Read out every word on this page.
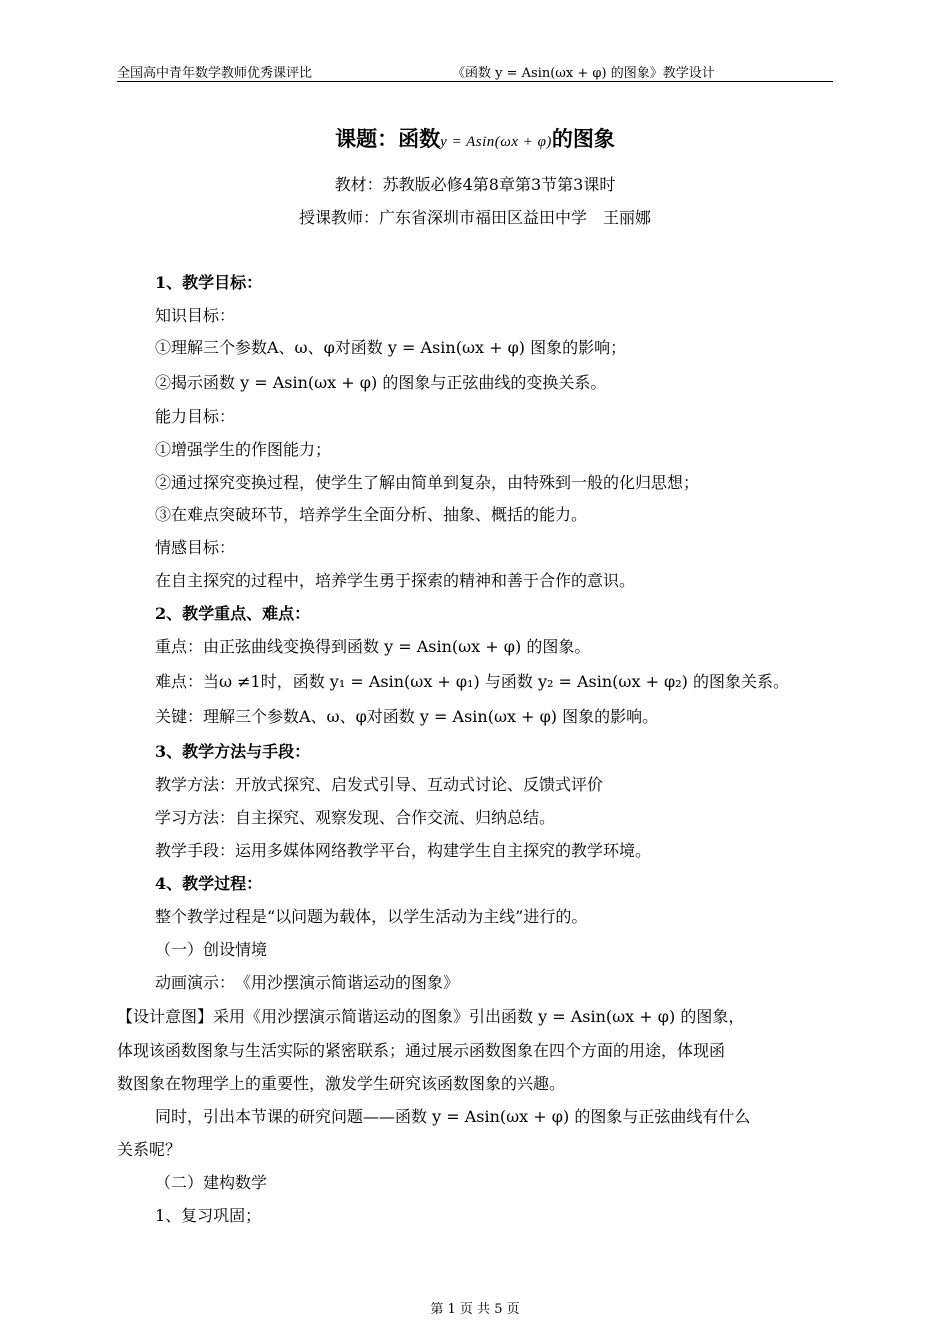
全国高中青年数学教师优秀课评比	《函数 y = Asin(ωx + φ) 的图象》教学设计
课题：函数y = Asin(ωx + φ)的图象
教材：苏教版必修4第8章第3节第3课时
授课教师：广东省深圳市福田区益田中学　王丽娜
1、教学目标：
知识目标：
①理解三个参数A、ω、φ对函数 y = Asin(ωx + φ) 图象的影响；
②揭示函数 y = Asin(ωx + φ) 的图象与正弦曲线的变换关系。
能力目标：
①增强学生的作图能力；
②通过探究变换过程，使学生了解由简单到复杂，由特殊到一般的化归思想；
③在难点突破环节，培养学生全面分析、抽象、概括的能力。
情感目标：
在自主探究的过程中，培养学生勇于探索的精神和善于合作的意识。
2、教学重点、难点：
重点：由正弦曲线变换得到函数 y = Asin(ωx + φ) 的图象。
难点：当ω ≠1时，函数 y₁ = Asin(ωx + φ₁) 与函数 y₂ = Asin(ωx + φ₂) 的图象关系。
关键：理解三个参数A、ω、φ对函数 y = Asin(ωx + φ) 图象的影响。
3、教学方法与手段：
教学方法：开放式探究、启发式引导、互动式讨论、反馈式评价
学习方法：自主探究、观察发现、合作交流、归纳总结。
教学手段：运用多媒体网络教学平台，构建学生自主探究的教学环境。
4、教学过程：
整个教学过程是“以问题为载体，以学生活动为主线”进行的。
（一）创设情境
动画演示：　《用沙摆演示简谐运动的图象》
【设计意图】采用《用沙摆演示简谐运动的图象》引出函数 y = Asin(ωx + φ) 的图象，
体现该函数图象与生活实际的紧密联系；通过展示函数图象在四个方面的用途，体现函
数图象在物理学上的重要性，激发学生研究该函数图象的兴趣。
同时，引出本节课的研究问题——函数 y = Asin(ωx + φ) 的图象与正弦曲线有什么
关系呢？
（二）建构数学
1、复习巩固；
第 1 页 共 5 页
